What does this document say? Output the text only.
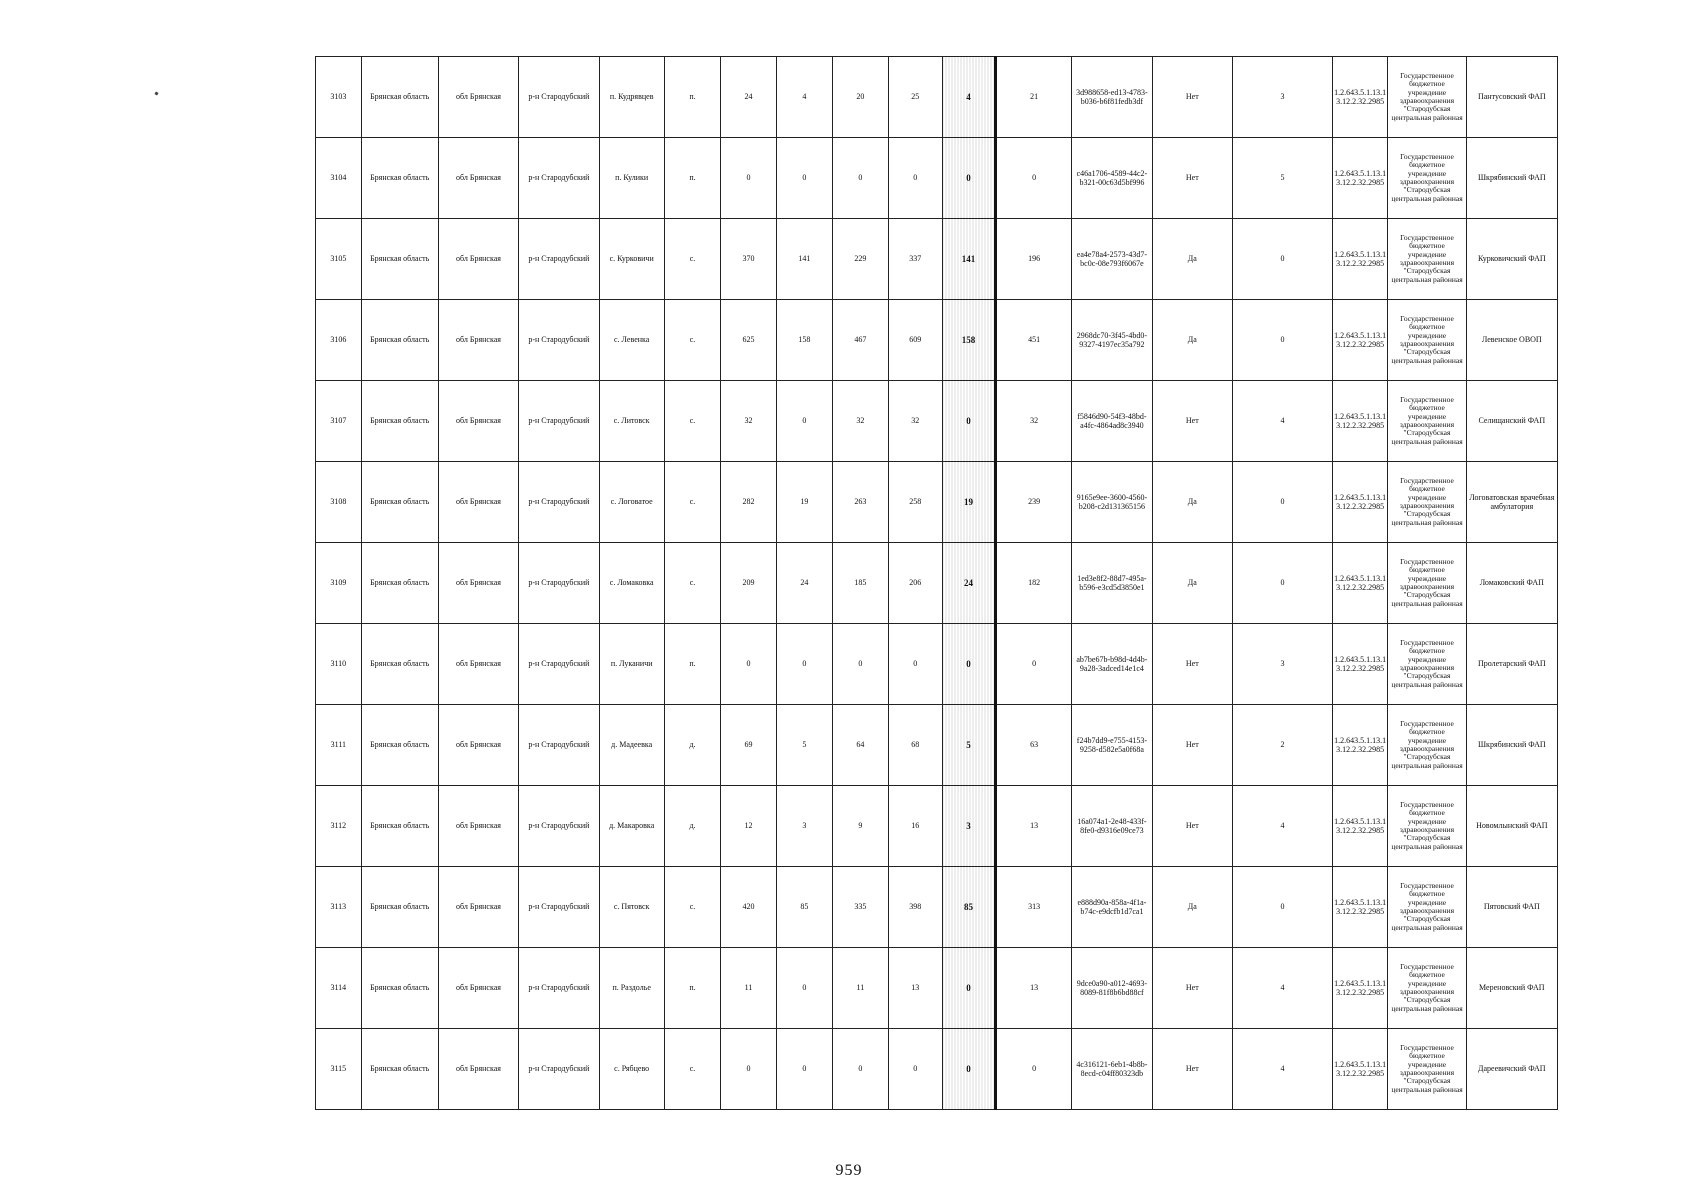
3103	Брянская область	обл Брянская	р-н Стародубский	п. Кудрявцев	п.	24	4	20	25	4	21	3d988658-ed13-4783-b036-b6f81fedb3df	Нет	3	1.2.643.5.1.13.13.12.2.32.2985	Государственное бюджетное учреждение здравоохранения "Стародубская центральная районная	Пантусовский ФАП
3104	Брянская область	обл Брянская	р-н Стародубский	п. Кулики	п.	0	0	0	0	0	0	c46a1706-4589-44c2-b321-00c63d5bf996	Нет	5	1.2.643.5.1.13.13.12.2.32.2985	Государственное бюджетное учреждение здравоохранения "Стародубская центральная районная	Шкрябинский ФАП
3105	Брянская область	обл Брянская	р-н Стародубский	с. Курковичи	с.	370	141	229	337	141	196	ea4e78a4-2573-43d7-bc0c-08e793f6067e	Да	0	1.2.643.5.1.13.13.12.2.32.2985	Государственное бюджетное учреждение здравоохранения "Стародубская центральная районная	Курковичский ФАП
3106	Брянская область	обл Брянская	р-н Стародубский	с. Левенка	с.	625	158	467	609	158	451	2968dc70-3f45-4bd0-9327-4197ec35a792	Да	0	1.2.643.5.1.13.13.12.2.32.2985	Государственное бюджетное учреждение здравоохранения "Стародубская центральная районная	Левенское ОВОП
3107	Брянская область	обл Брянская	р-н Стародубский	с. Литовск	с.	32	0	32	32	0	32	f5846d90-54f3-48bd-a4fc-4864ad8c3940	Нет	4	1.2.643.5.1.13.13.12.2.32.2985	Государственное бюджетное учреждение здравоохранения "Стародубская центральная районная	Селищанский ФАП
3108	Брянская область	обл Брянская	р-н Стародубский	с. Логоватое	с.	282	19	263	258	19	239	9165e9ee-3600-4560-b208-c2d131365156	Да	0	1.2.643.5.1.13.13.12.2.32.2985	Государственное бюджетное учреждение здравоохранения "Стародубская центральная районная	Логоватовская врачебная амбулатория
3109	Брянская область	обл Брянская	р-н Стародубский	с. Ломаковка	с.	209	24	185	206	24	182	1ed3e8f2-88d7-495a-b596-e3cd5d3850e1	Да	0	1.2.643.5.1.13.13.12.2.32.2985	Государственное бюджетное учреждение здравоохранения "Стародубская центральная районная	Ломаковский ФАП
3110	Брянская область	обл Брянская	р-н Стародубский	п. Луканичи	п.	0	0	0	0	0	0	ab7be67b-b98d-4d4b-9a28-3adced14e1c4	Нет	3	1.2.643.5.1.13.13.12.2.32.2985	Государственное бюджетное учреждение здравоохранения "Стародубская центральная районная	Пролетарский ФАП
3111	Брянская область	обл Брянская	р-н Стародубский	д. Мадеевка	д.	69	5	64	68	5	63	f24b7dd9-e755-4153-9258-d582e5a0f68a	Нет	2	1.2.643.5.1.13.13.12.2.32.2985	Государственное бюджетное учреждение здравоохранения "Стародубская центральная районная	Шкрябинский ФАП
3112	Брянская область	обл Брянская	р-н Стародубский	д. Макаровка	д.	12	3	9	16	3	13	16a074a1-2e48-433f-8fe0-d9316e09ce73	Нет	4	1.2.643.5.1.13.13.12.2.32.2985	Государственное бюджетное учреждение здравоохранения "Стародубская центральная районная	Новомлынский ФАП
3113	Брянская область	обл Брянская	р-н Стародубский	с. Пятовск	с.	420	85	335	398	85	313	e888d90a-858a-4f1a-b74c-e9dcfb1d7ca1	Да	0	1.2.643.5.1.13.13.12.2.32.2985	Государственное бюджетное учреждение здравоохранения "Стародубская центральная районная	Пятовский ФАП
3114	Брянская область	обл Брянская	р-н Стародубский	п. Раздолье	п.	11	0	11	13	0	13	9dce0a90-a012-4693-8089-81f8b6bd88cf	Нет	4	1.2.643.5.1.13.13.12.2.32.2985	Государственное бюджетное учреждение здравоохранения "Стародубская центральная районная	Мереновский ФАП
3115	Брянская область	обл Брянская	р-н Стародубский	с. Рябцево	с.	0	0	0	0	0	0	4c316121-6eb1-4b8b-8ecd-c04ff80323db	Нет	4	1.2.643.5.1.13.13.12.2.32.2985	Государственное бюджетное учреждение здравоохранения "Стародубская центральная районная	Дареевичский ФАП
959
